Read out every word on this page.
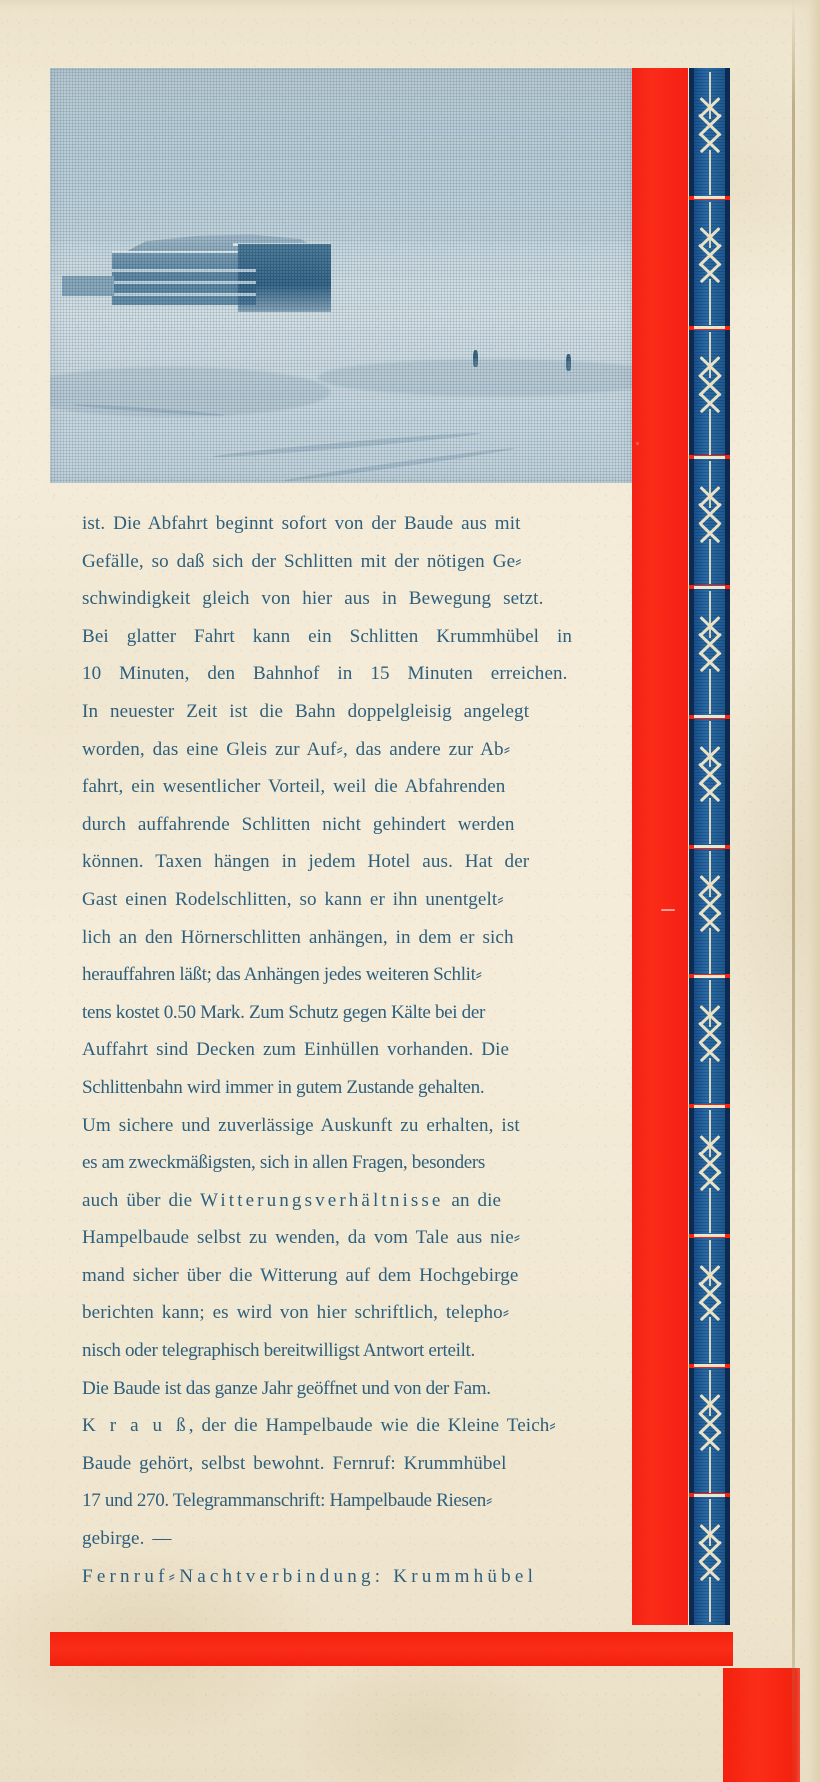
ist. Die Abfahrt beginnt sofort von der Baude aus mit
Gefälle, so daß sich der Schlitten mit der nötigen Ge⸗
schwindigkeit gleich von hier aus in Bewegung setzt.
Bei glatter Fahrt kann ein Schlitten Krummhübel in
10 Minuten, den Bahnhof in 15 Minuten erreichen.
In neuester Zeit ist die Bahn doppelgleisig angelegt
worden, das eine Gleis zur Auf⸗, das andere zur Ab⸗
fahrt, ein wesentlicher Vorteil, weil die Abfahrenden
durch auffahrende Schlitten nicht gehindert werden
können. Taxen hängen in jedem Hotel aus. Hat der
Gast einen Rodelschlitten, so kann er ihn unentgelt⸗
lich an den Hörnerschlitten anhängen, in dem er sich
herauffahren läßt; das Anhängen jedes weiteren Schlit⸗
tens kostet 0.50 Mark. Zum Schutz gegen Kälte bei der
Auffahrt sind Decken zum Einhüllen vorhanden. Die
Schlittenbahn wird immer in gutem Zustande gehalten.
Um sichere und zuverlässige Auskunft zu erhalten, ist
es am zweckmäßigsten, sich in allen Fragen, besonders
auch über die Witterungsverhältnisse an die
Hampelbaude selbst zu wenden, da vom Tale aus nie⸗
mand sicher über die Witterung auf dem Hochgebirge
berichten kann; es wird von hier schriftlich, telepho⸗
nisch oder telegraphisch bereitwilligst Antwort erteilt.
Die Baude ist das ganze Jahr geöffnet und von der Fam.
K r a u ß, der die Hampelbaude wie die Kleine Teich⸗
Baude gehört, selbst bewohnt. Fernruf: Krummhübel
17 und 270. Telegrammanschrift: Hampelbaude Riesen⸗
gebirge. —
Fernruf⸗Nachtverbindung: Krummhübel
